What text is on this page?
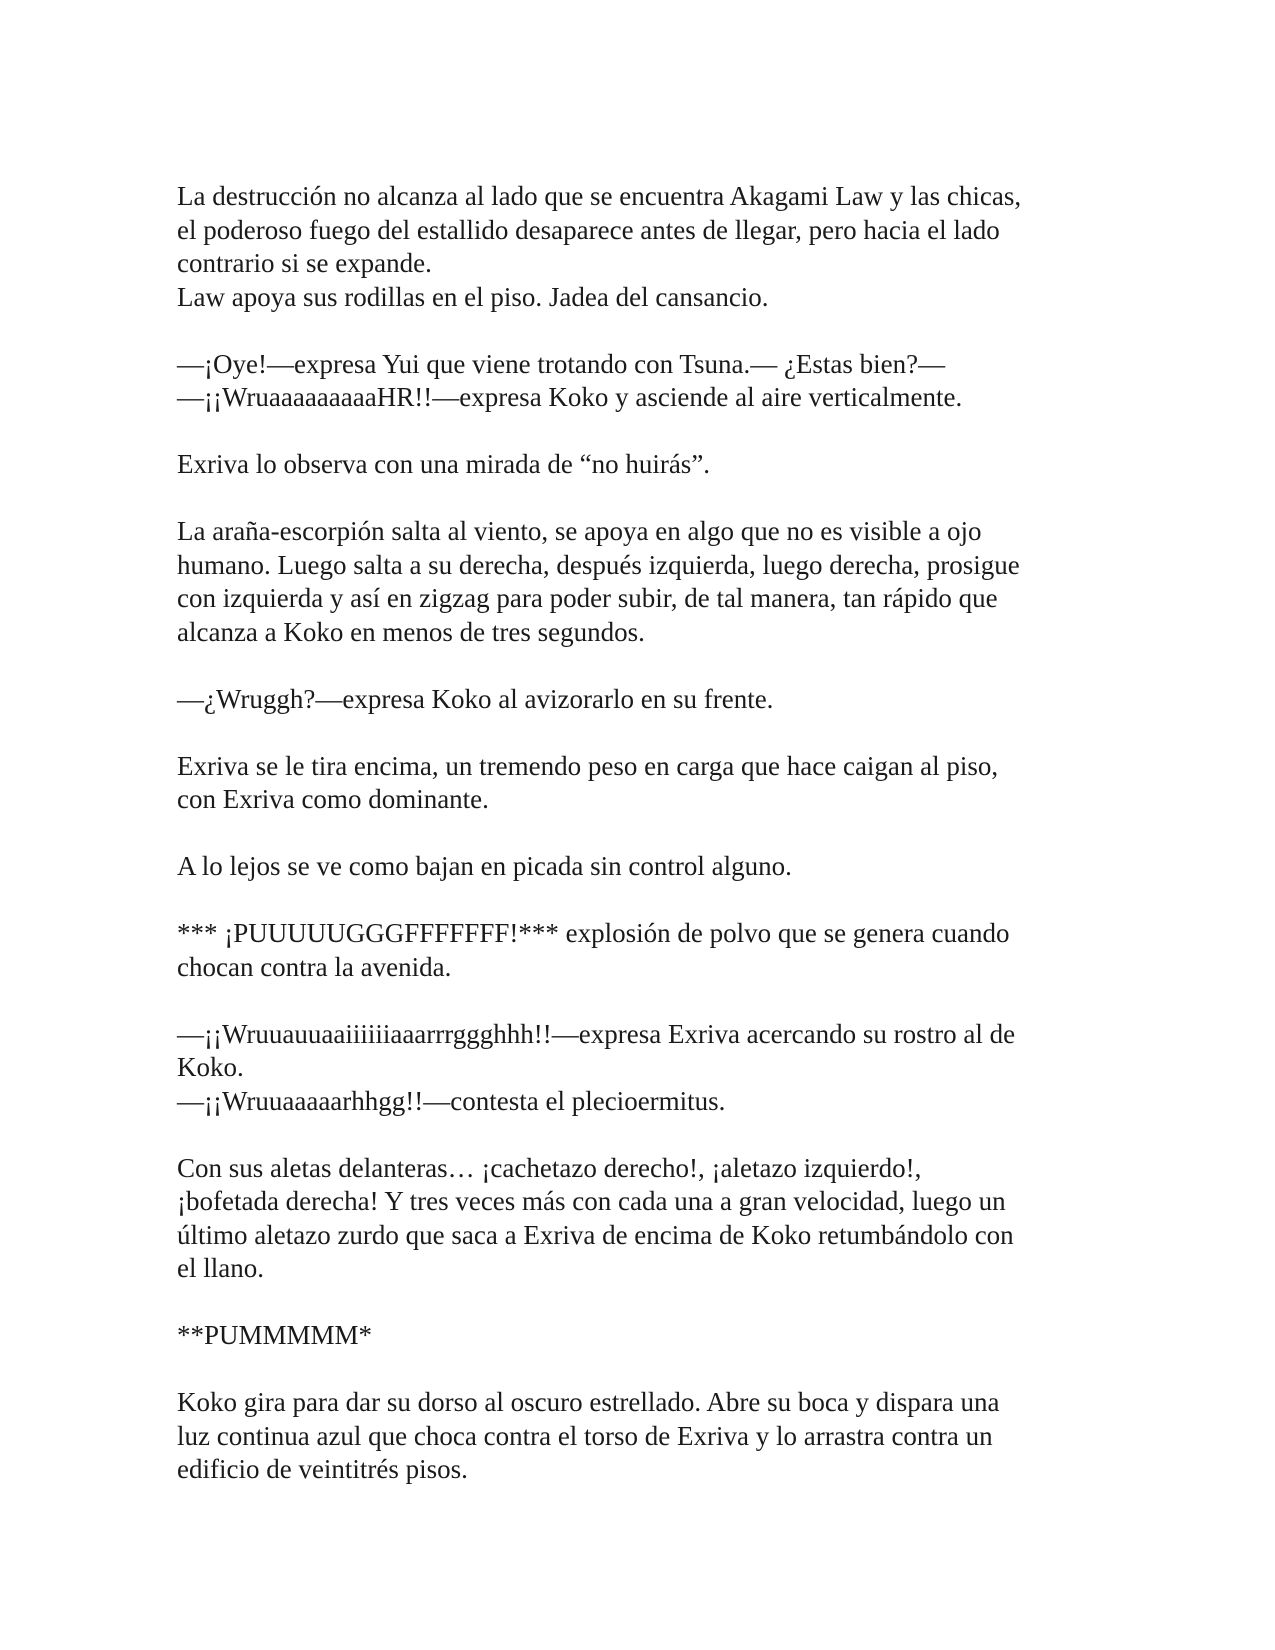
La destrucción no alcanza al lado que se encuentra Akagami Law y las chicas,
el poderoso fuego del estallido desaparece antes de llegar, pero hacia el lado
contrario si se expande.
Law apoya sus rodillas en el piso. Jadea del cansancio.

—¡Oye!—expresa Yui que viene trotando con Tsuna.— ¿Estas bien?—
—¡¡WruaaaaaaaaaHR!!—expresa Koko y asciende al aire verticalmente.

Exriva lo observa con una mirada de “no huirás”.

La araña-escorpión salta al viento, se apoya en algo que no es visible a ojo
humano. Luego salta a su derecha, después izquierda, luego derecha, prosigue
con izquierda y así en zigzag para poder subir, de tal manera, tan rápido que
alcanza a Koko en menos de tres segundos.

—¿Wruggh?—expresa Koko al avizorarlo en su frente.

Exriva se le tira encima, un tremendo peso en carga que hace caigan al piso,
con Exriva como dominante.

A lo lejos se ve como bajan en picada sin control alguno.

*** ¡PUUUUUGGGFFFFFFF!*** explosión de polvo que se genera cuando
chocan contra la avenida.

—¡¡Wruuauuaaiiiiiiaaarrrggghhh!!—expresa Exriva acercando su rostro al de
Koko.
—¡¡Wruuaaaaarhhgg!!—contesta el plecioermitus.

Con sus aletas delanteras… ¡cachetazo derecho!, ¡aletazo izquierdo!,
¡bofetada derecha! Y tres veces más con cada una a gran velocidad, luego un
último aletazo zurdo que saca a Exriva de encima de Koko retumbándolo con
el llano.

**PUMMMMM*

Koko gira para dar su dorso al oscuro estrellado. Abre su boca y dispara una
luz continua azul que choca contra el torso de Exriva y lo arrastra contra un
edificio de veintitrés pisos.
